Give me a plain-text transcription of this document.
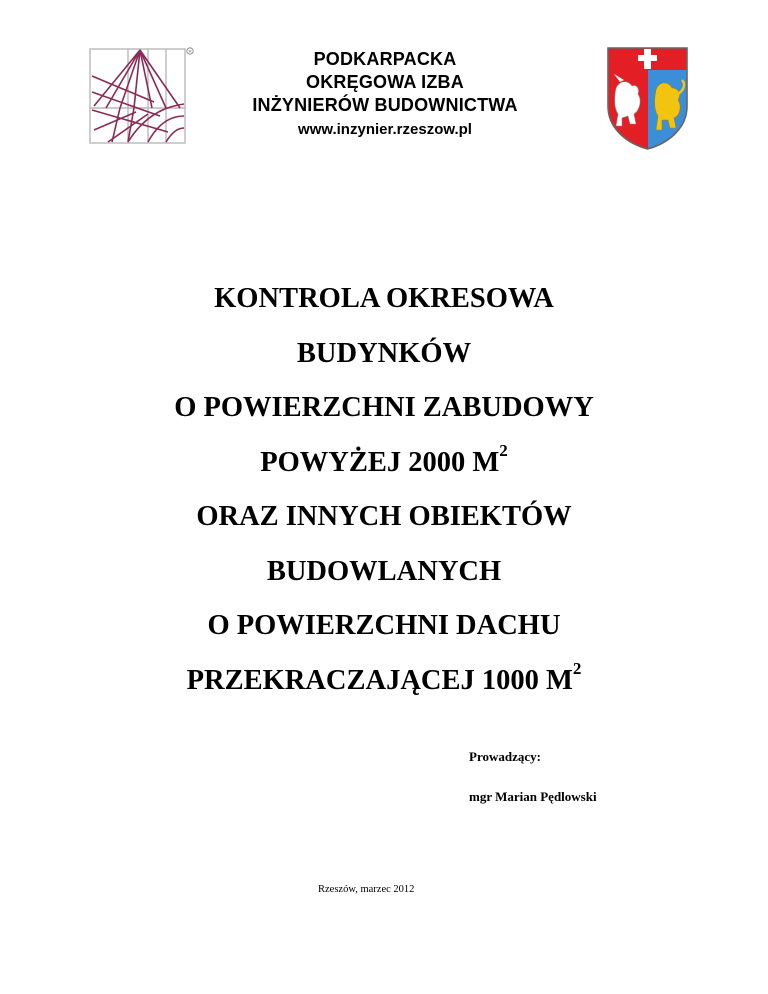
R	PODKARPACKA
OKRĘGOWA IZBA
INŻYNIERÓW BUDOWNICTWA
www.inzynier.rzeszow.pl
KONTROLA OKRESOWA
BUDYNKÓW
O POWIERZCHNI ZABUDOWY
POWYŻEJ 2000 $M^2$
ORAZ INNYCH OBIEKTÓW
BUDOWLANYCH
O POWIERZCHNI DACHU
PRZEKRACZAJĄCEJ 1000 $M^2$
Prowadzący:
mgr Marian Pędlowski
Rzeszów, marzec 2012
